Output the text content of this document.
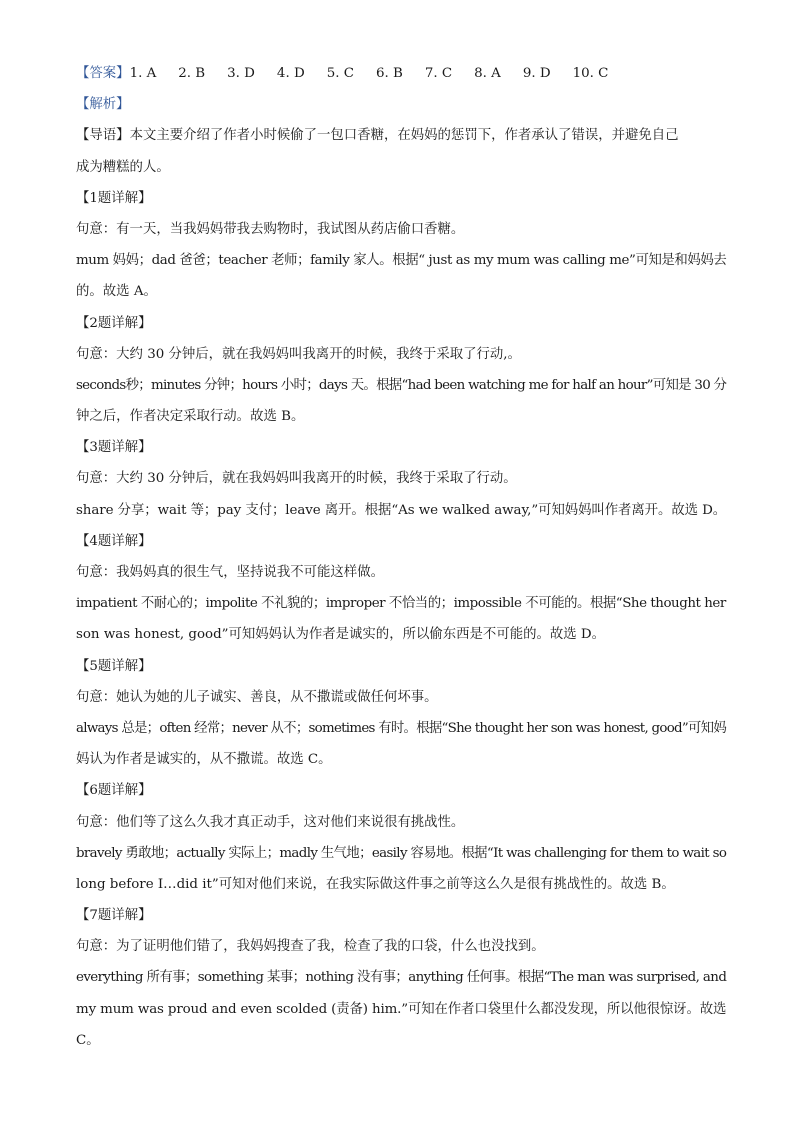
【答案】1. A 2. B 3. D 4. D 5. C 6. B 7. C 8. A 9. D 10. C
【解析】
【导语】本文主要介绍了作者小时候偷了一包口香糖，在妈妈的惩罚下，作者承认了错误，并避免自己
成为糟糕的人。
【1题详解】
句意：有一天，当我妈妈带我去购物时，我试图从药店偷口香糖。
mum 妈妈；dad 爸爸；teacher 老师；family 家人。根据“ just as my mum was calling me”可知是和妈妈去
的。故选 A。
【2题详解】
句意：大约 30 分钟后，就在我妈妈叫我离开的时候，我终于采取了行动,。
seconds秒；minutes 分钟；hours 小时；days 天。根据“had been watching me for half an hour”可知是 30 分
钟之后，作者决定采取行动。故选 B。
【3题详解】
句意：大约 30 分钟后，就在我妈妈叫我离开的时候，我终于采取了行动。
share 分享；wait 等；pay 支付；leave 离开。根据“As we walked away,”可知妈妈叫作者离开。故选 D。
【4题详解】
句意：我妈妈真的很生气，坚持说我不可能这样做。
impatient 不耐心的；impolite 不礼貌的；improper 不恰当的；impossible 不可能的。根据“She thought her
son was honest, good”可知妈妈认为作者是诚实的，所以偷东西是不可能的。故选 D。
【5题详解】
句意：她认为她的儿子诚实、善良，从不撒谎或做任何坏事。
always 总是；often 经常；never 从不；sometimes 有时。根据“She thought her son was honest, good”可知妈
妈认为作者是诚实的，从不撒谎。故选 C。
【6题详解】
句意：他们等了这么久我才真正动手，这对他们来说很有挑战性。
bravely 勇敢地；actually 实际上；madly 生气地；easily 容易地。根据“It was challenging for them to wait so
long before I…did it”可知对他们来说，在我实际做这件事之前等这么久是很有挑战性的。故选 B。
【7题详解】
句意：为了证明他们错了，我妈妈搜查了我，检查了我的口袋，什么也没找到。
everything 所有事；something 某事；nothing 没有事；anything 任何事。根据“The man was surprised, and
my mum was proud and even scolded (责备) him.”可知在作者口袋里什么都没发现，所以他很惊讶。故选
C。
